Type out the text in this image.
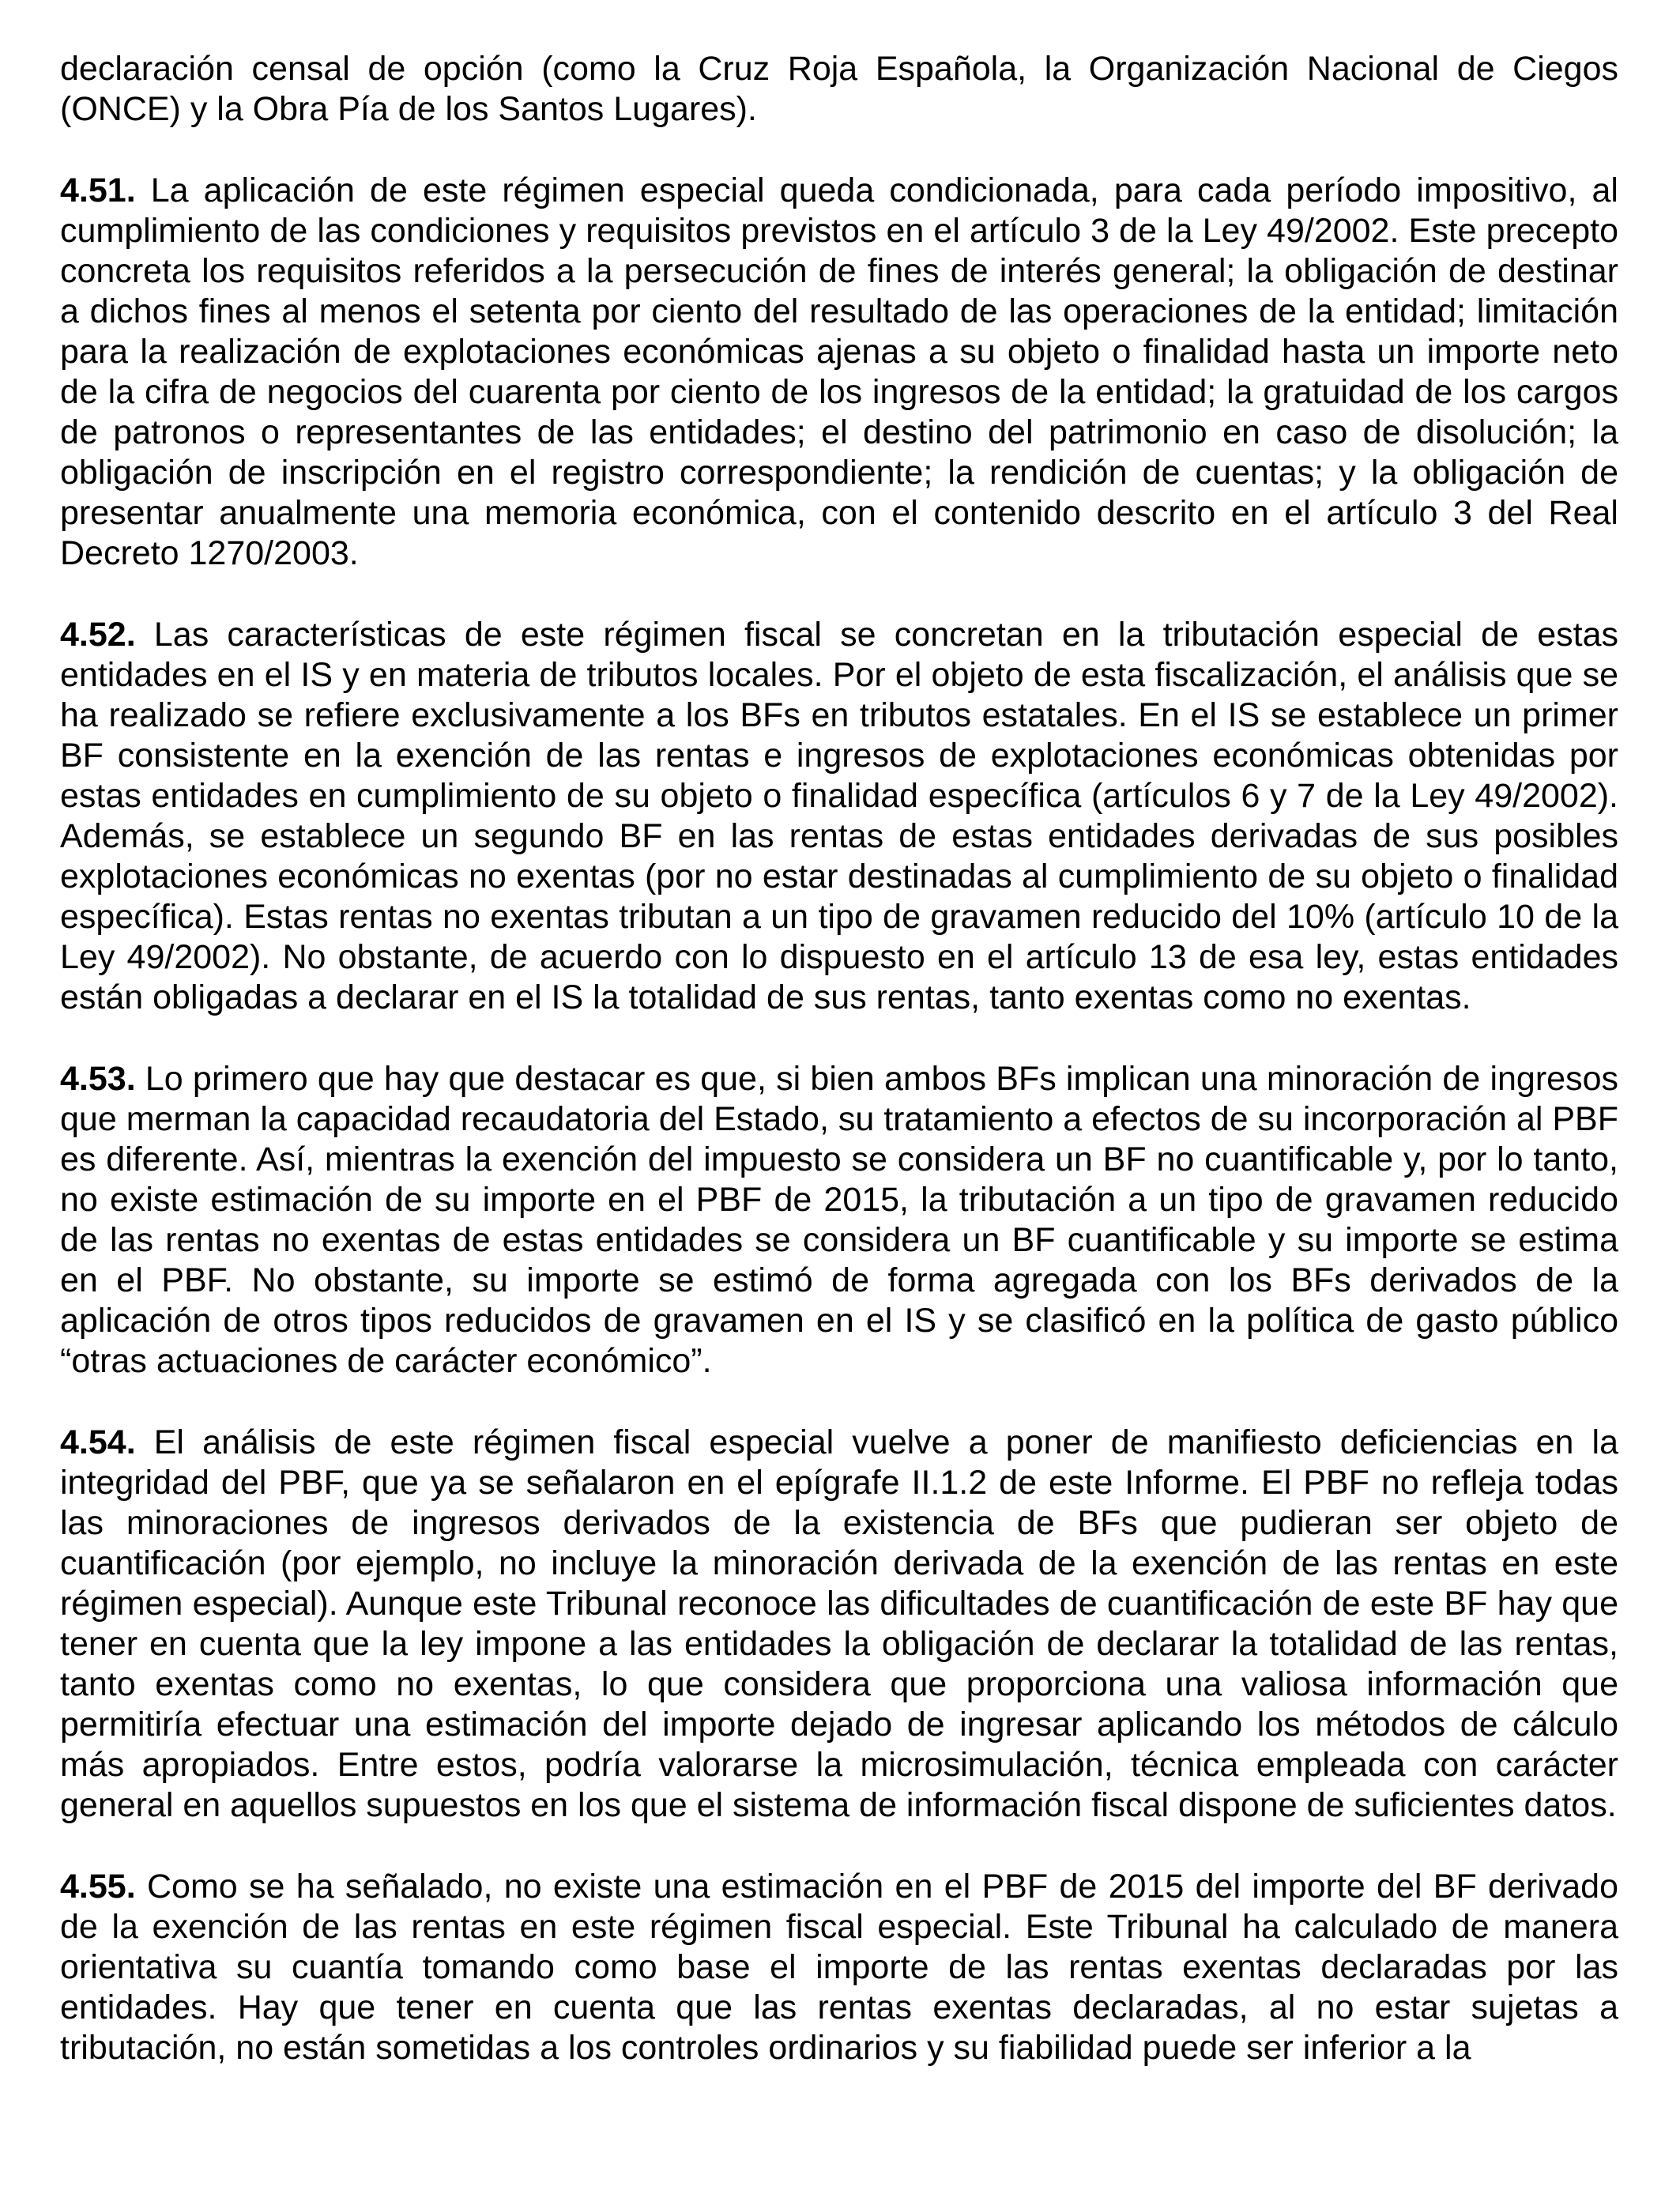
declaración censal de opción (como la Cruz Roja Española, la Organización Nacional de Ciegos (ONCE) y la Obra Pía de los Santos Lugares).

4.51. La aplicación de este régimen especial queda condicionada, para cada período impositivo, al cumplimiento de las condiciones y requisitos previstos en el artículo 3 de la Ley 49/2002. Este precepto concreta los requisitos referidos a la persecución de fines de interés general; la obligación de destinar a dichos fines al menos el setenta por ciento del resultado de las operaciones de la entidad; limitación para la realización de explotaciones económicas ajenas a su objeto o finalidad hasta un importe neto de la cifra de negocios del cuarenta por ciento de los ingresos de la entidad; la gratuidad de los cargos de patronos o representantes de las entidades; el destino del patrimonio en caso de disolución; la obligación de inscripción en el registro correspondiente; la rendición de cuentas; y la obligación de presentar anualmente una memoria económica, con el contenido descrito en el artículo 3 del Real Decreto 1270/2003.

4.52. Las características de este régimen fiscal se concretan en la tributación especial de estas entidades en el IS y en materia de tributos locales. Por el objeto de esta fiscalización, el análisis que se ha realizado se refiere exclusivamente a los BFs en tributos estatales. En el IS se establece un primer BF consistente en la exención de las rentas e ingresos de explotaciones económicas obtenidas por estas entidades en cumplimiento de su objeto o finalidad específica (artículos 6 y 7 de la Ley 49/2002). Además, se establece un segundo BF en las rentas de estas entidades derivadas de sus posibles explotaciones económicas no exentas (por no estar destinadas al cumplimiento de su objeto o finalidad específica). Estas rentas no exentas tributan a un tipo de gravamen reducido del 10% (artículo 10 de la Ley 49/2002). No obstante, de acuerdo con lo dispuesto en el artículo 13 de esa ley, estas entidades están obligadas a declarar en el IS la totalidad de sus rentas, tanto exentas como no exentas.

4.53. Lo primero que hay que destacar es que, si bien ambos BFs implican una minoración de ingresos que merman la capacidad recaudatoria del Estado, su tratamiento a efectos de su incorporación al PBF es diferente. Así, mientras la exención del impuesto se considera un BF no cuantificable y, por lo tanto, no existe estimación de su importe en el PBF de 2015, la tributación a un tipo de gravamen reducido de las rentas no exentas de estas entidades se considera un BF cuantificable y su importe se estima en el PBF. No obstante, su importe se estimó de forma agregada con los BFs derivados de la aplicación de otros tipos reducidos de gravamen en el IS y se clasificó en la política de gasto público “otras actuaciones de carácter económico”.

4.54. El análisis de este régimen fiscal especial vuelve a poner de manifiesto deficiencias en la integridad del PBF, que ya se señalaron en el epígrafe II.1.2 de este Informe. El PBF no refleja todas las minoraciones de ingresos derivados de la existencia de BFs que pudieran ser objeto de cuantificación (por ejemplo, no incluye la minoración derivada de la exención de las rentas en este régimen especial). Aunque este Tribunal reconoce las dificultades de cuantificación de este BF hay que tener en cuenta que la ley impone a las entidades la obligación de declarar la totalidad de las rentas, tanto exentas como no exentas, lo que considera que proporciona una valiosa información que permitiría efectuar una estimación del importe dejado de ingresar aplicando los métodos de cálculo más apropiados. Entre estos, podría valorarse la microsimulación, técnica empleada con carácter general en aquellos supuestos en los que el sistema de información fiscal dispone de suficientes datos.

4.55. Como se ha señalado, no existe una estimación en el PBF de 2015 del importe del BF derivado de la exención de las rentas en este régimen fiscal especial. Este Tribunal ha calculado de manera orientativa su cuantía tomando como base el importe de las rentas exentas declaradas por las entidades. Hay que tener en cuenta que las rentas exentas declaradas, al no estar sujetas a tributación, no están sometidas a los controles ordinarios y su fiabilidad puede ser inferior a la
